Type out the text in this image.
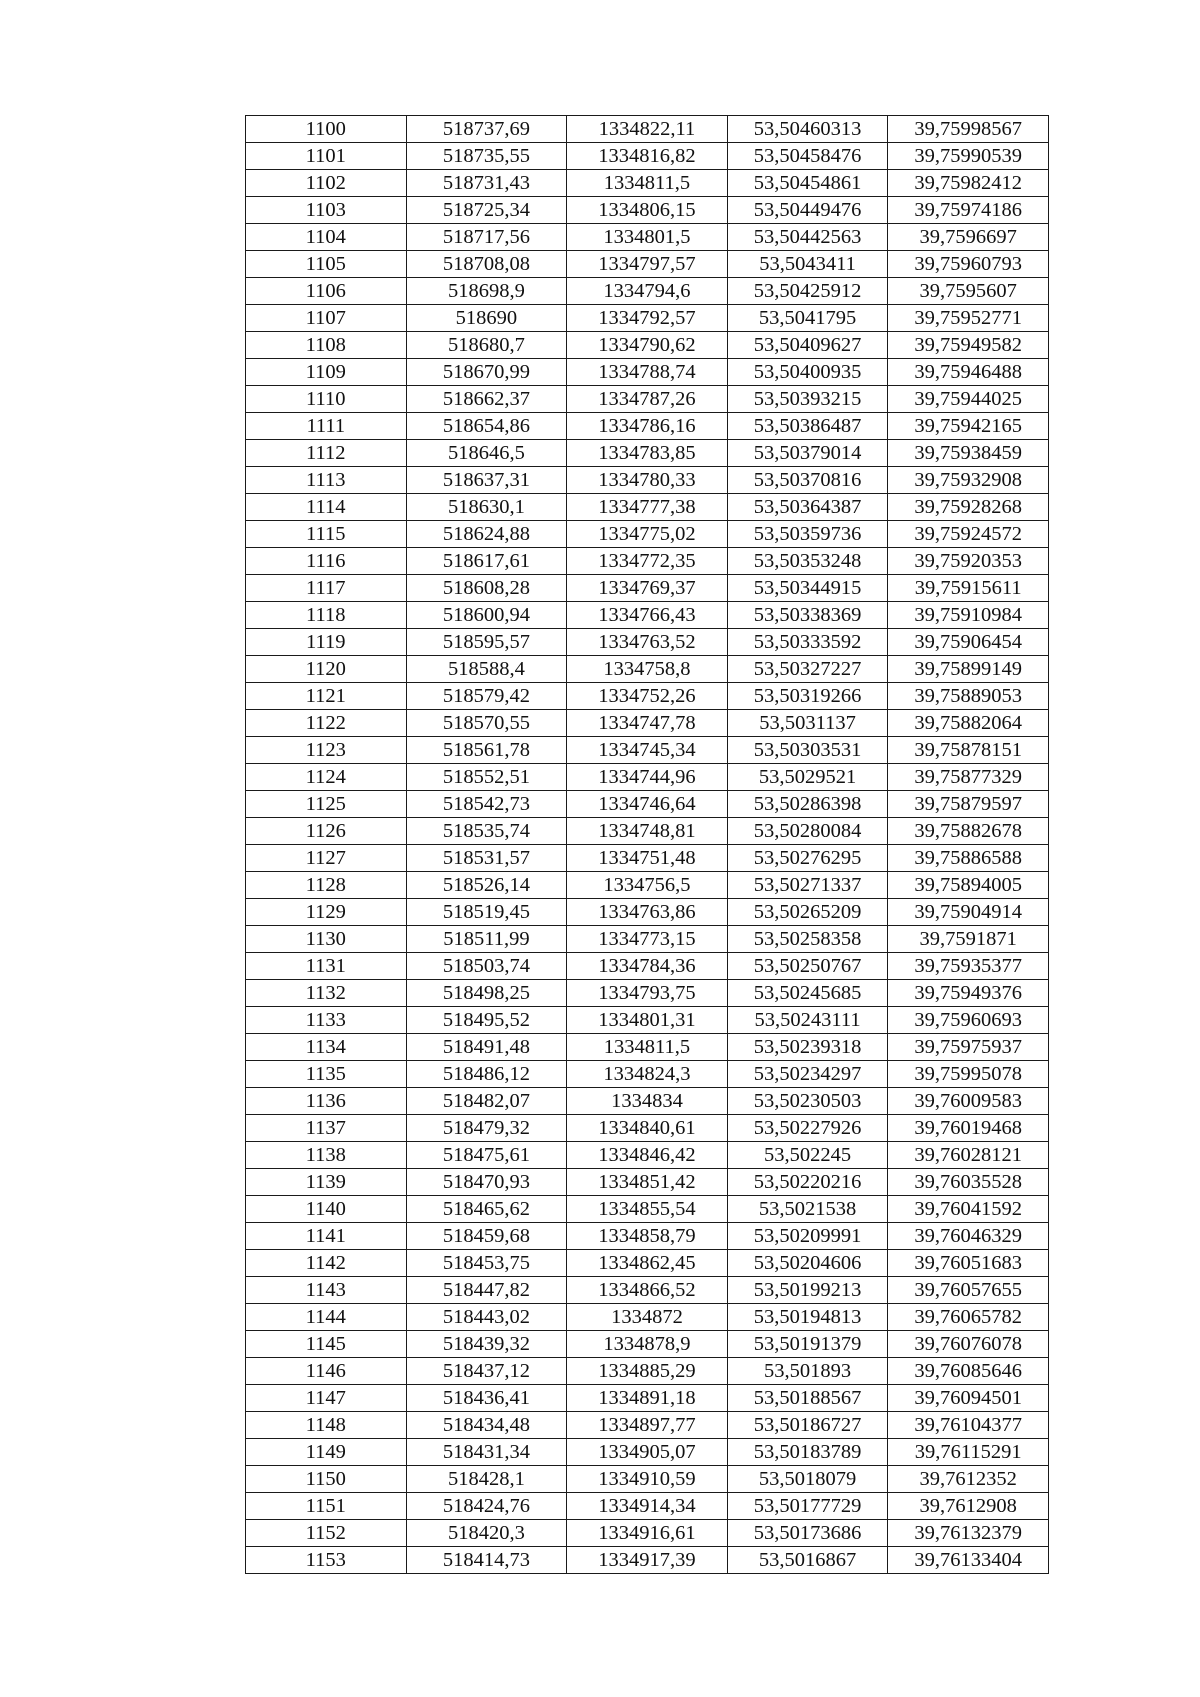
1100	518737,69	1334822,11	53,50460313	39,75998567
1101	518735,55	1334816,82	53,50458476	39,75990539
1102	518731,43	1334811,5	53,50454861	39,75982412
1103	518725,34	1334806,15	53,50449476	39,75974186
1104	518717,56	1334801,5	53,50442563	39,7596697
1105	518708,08	1334797,57	53,5043411	39,75960793
1106	518698,9	1334794,6	53,50425912	39,7595607
1107	518690	1334792,57	53,5041795	39,75952771
1108	518680,7	1334790,62	53,50409627	39,75949582
1109	518670,99	1334788,74	53,50400935	39,75946488
1110	518662,37	1334787,26	53,50393215	39,75944025
1111	518654,86	1334786,16	53,50386487	39,75942165
1112	518646,5	1334783,85	53,50379014	39,75938459
1113	518637,31	1334780,33	53,50370816	39,75932908
1114	518630,1	1334777,38	53,50364387	39,75928268
1115	518624,88	1334775,02	53,50359736	39,75924572
1116	518617,61	1334772,35	53,50353248	39,75920353
1117	518608,28	1334769,37	53,50344915	39,75915611
1118	518600,94	1334766,43	53,50338369	39,75910984
1119	518595,57	1334763,52	53,50333592	39,75906454
1120	518588,4	1334758,8	53,50327227	39,75899149
1121	518579,42	1334752,26	53,50319266	39,75889053
1122	518570,55	1334747,78	53,5031137	39,75882064
1123	518561,78	1334745,34	53,50303531	39,75878151
1124	518552,51	1334744,96	53,5029521	39,75877329
1125	518542,73	1334746,64	53,50286398	39,75879597
1126	518535,74	1334748,81	53,50280084	39,75882678
1127	518531,57	1334751,48	53,50276295	39,75886588
1128	518526,14	1334756,5	53,50271337	39,75894005
1129	518519,45	1334763,86	53,50265209	39,75904914
1130	518511,99	1334773,15	53,50258358	39,7591871
1131	518503,74	1334784,36	53,50250767	39,75935377
1132	518498,25	1334793,75	53,50245685	39,75949376
1133	518495,52	1334801,31	53,50243111	39,75960693
1134	518491,48	1334811,5	53,50239318	39,75975937
1135	518486,12	1334824,3	53,50234297	39,75995078
1136	518482,07	1334834	53,50230503	39,76009583
1137	518479,32	1334840,61	53,50227926	39,76019468
1138	518475,61	1334846,42	53,502245	39,76028121
1139	518470,93	1334851,42	53,50220216	39,76035528
1140	518465,62	1334855,54	53,5021538	39,76041592
1141	518459,68	1334858,79	53,50209991	39,76046329
1142	518453,75	1334862,45	53,50204606	39,76051683
1143	518447,82	1334866,52	53,50199213	39,76057655
1144	518443,02	1334872	53,50194813	39,76065782
1145	518439,32	1334878,9	53,50191379	39,76076078
1146	518437,12	1334885,29	53,501893	39,76085646
1147	518436,41	1334891,18	53,50188567	39,76094501
1148	518434,48	1334897,77	53,50186727	39,76104377
1149	518431,34	1334905,07	53,50183789	39,76115291
1150	518428,1	1334910,59	53,5018079	39,7612352
1151	518424,76	1334914,34	53,50177729	39,7612908
1152	518420,3	1334916,61	53,50173686	39,76132379
1153	518414,73	1334917,39	53,5016867	39,76133404
